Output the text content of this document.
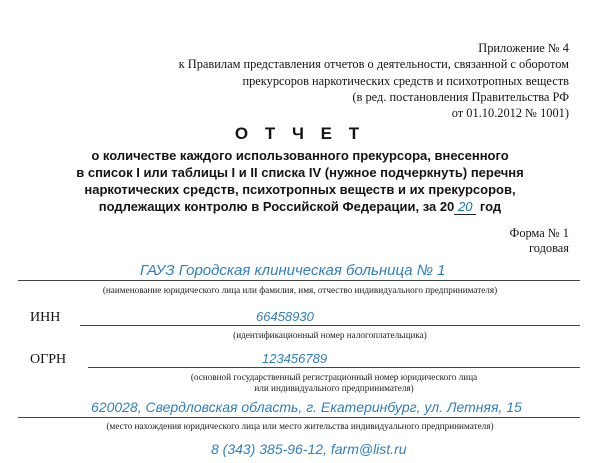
Приложение № 4
к Правилам представления отчетов о деятельности, связанной с оборотом
прекурсоров наркотических средств и психотропных веществ
(в ред. постановления Правительства РФ
от 01.10.2012 № 1001)
О Т Ч Е Т
о количестве каждого использованного прекурсора, внесенного
в список I или таблицы I и II списка IV (нужное подчеркнуть) перечня
наркотических средств, психотропных веществ и их прекурсоров,
подлежащих контролю в Российской Федерации, за 20 20 год
Форма № 1
годовая
ГАУЗ Городская клиническая больница № 1
(наименование юридического лица или фамилия, имя, отчество индивидуального предпринимателя)
ИНН	66458930
(идентификационный номер налогоплательщика)
ОГРН	123456789
(основной государственный регистрационный номер юридического лица
или индивидуального предпринимателя)
620028, Свердловская область, г. Екатеринбург, ул. Летняя, 15
(место нахождения юридического лица или место жительства индивидуального предпринимателя)
8 (343) 385-96-12, farm@list.ru
